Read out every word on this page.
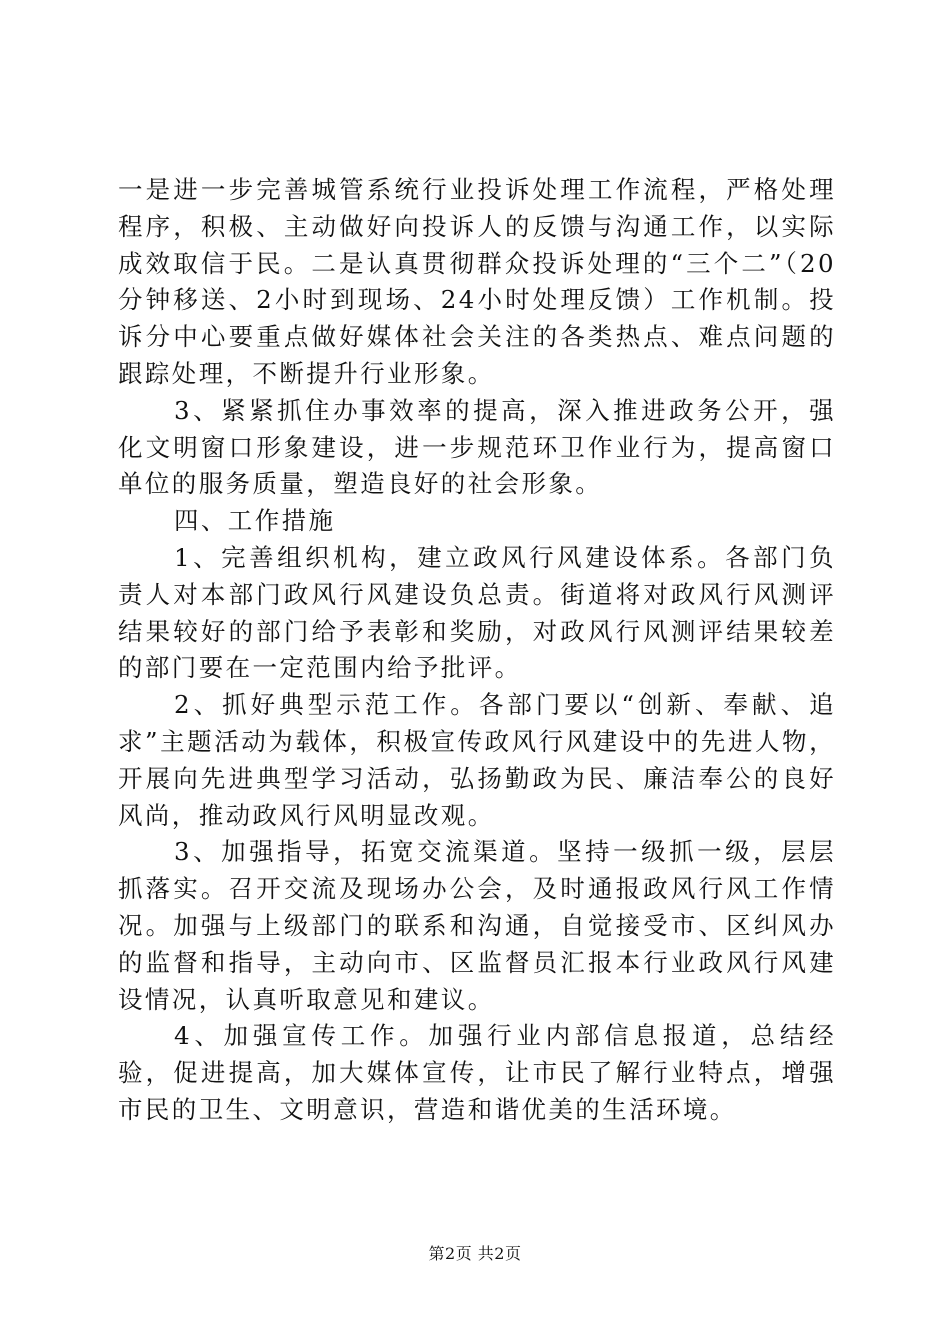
一是进一步完善城管系统行业投诉处理工作流程，严格处理程序，积极、主动做好向投诉人的反馈与沟通工作，以实际成效取信于民。二是认真贯彻群众投诉处理的“三个二”（20分钟移送、2小时到现场、24小时处理反馈）工作机制。投诉分中心要重点做好媒体社会关注的各类热点、难点问题的跟踪处理，不断提升行业形象。

3、紧紧抓住办事效率的提高，深入推进政务公开，强化文明窗口形象建设，进一步规范环卫作业行为，提高窗口单位的服务质量，塑造良好的社会形象。

四、工作措施

1、完善组织机构，建立政风行风建设体系。各部门负责人对本部门政风行风建设负总责。街道将对政风行风测评结果较好的部门给予表彰和奖励，对政风行风测评结果较差的部门要在一定范围内给予批评。

2、抓好典型示范工作。各部门要以“创新、奉献、追求”主题活动为载体，积极宣传政风行风建设中的先进人物，开展向先进典型学习活动，弘扬勤政为民、廉洁奉公的良好风尚，推动政风行风明显改观。

3、加强指导，拓宽交流渠道。坚持一级抓一级，层层抓落实。召开交流及现场办公会，及时通报政风行风工作情况。加强与上级部门的联系和沟通，自觉接受市、区纠风办的监督和指导，主动向市、区监督员汇报本行业政风行风建设情况，认真听取意见和建议。

4、加强宣传工作。加强行业内部信息报道，总结经验，促进提高，加大媒体宣传，让市民了解行业特点，增强市民的卫生、文明意识，营造和谐优美的生活环境。

第2页 共2页
